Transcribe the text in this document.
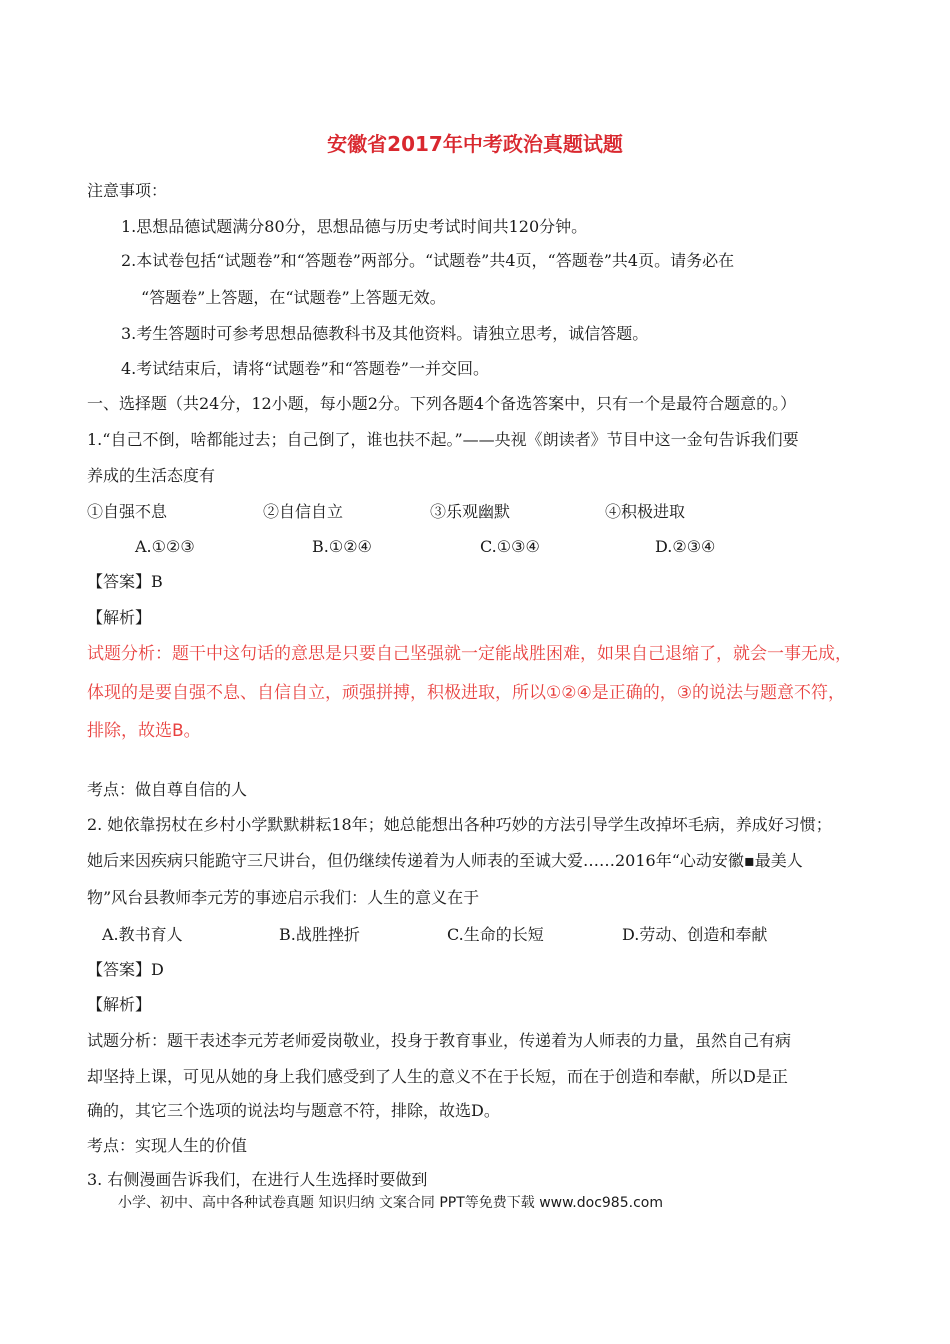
安徽省2017年中考政治真题试题
注意事项：
1.思想品德试题满分80分，思想品德与历史考试时间共120分钟。
2.本试卷包括“试题卷”和“答题卷”两部分。“试题卷”共4页，“答题卷”共4页。请务必在
“答题卷”上答题，在“试题卷”上答题无效。
3.考生答题时可参考思想品德教科书及其他资料。请独立思考，诚信答题。
4.考试结束后，请将“试题卷”和“答题卷”一并交回。
一、选择题（共24分，12小题，每小题2分。下列各题4个备选答案中，只有一个是最符合题意的。）
1.“自己不倒，啥都能过去；自己倒了，谁也扶不起。”——央视《朗读者》节目中这一金句告诉我们要
养成的生活态度有
①自强不息	②自信自立	③乐观幽默	④积极进取
A.①②③	B.①②④	C.①③④	D.②③④
【答案】B
【解析】
试题分析：题干中这句话的意思是只要自己坚强就一定能战胜困难，如果自己退缩了，就会一事无成，
体现的是要自强不息、自信自立，顽强拼搏，积极进取，所以①②④是正确的，③的说法与题意不符，
排除，故选B。
考点：做自尊自信的人
2. 她依靠拐杖在乡村小学默默耕耘18年；她总能想出各种巧妙的方法引导学生改掉坏毛病，养成好习惯；
她后来因疾病只能跪守三尺讲台，但仍继续传递着为人师表的至诚大爱……2016年“心动安徽▪最美人
物”风台县教师李元芳的事迹启示我们：人生的意义在于
A.教书育人	B.战胜挫折	C.生命的长短	D.劳动、创造和奉献
【答案】D
【解析】
试题分析：题干表述李元芳老师爱岗敬业，投身于教育事业，传递着为人师表的力量，虽然自己有病
却坚持上课，可见从她的身上我们感受到了人生的意义不在于长短，而在于创造和奉献，所以D是正
确的，其它三个选项的说法均与题意不符，排除，故选D。
考点：实现人生的价值
3. 右侧漫画告诉我们，在进行人生选择时要做到
小学、初中、高中各种试卷真题 知识归纳 文案合同 PPT等免费下载 www.doc985.com
